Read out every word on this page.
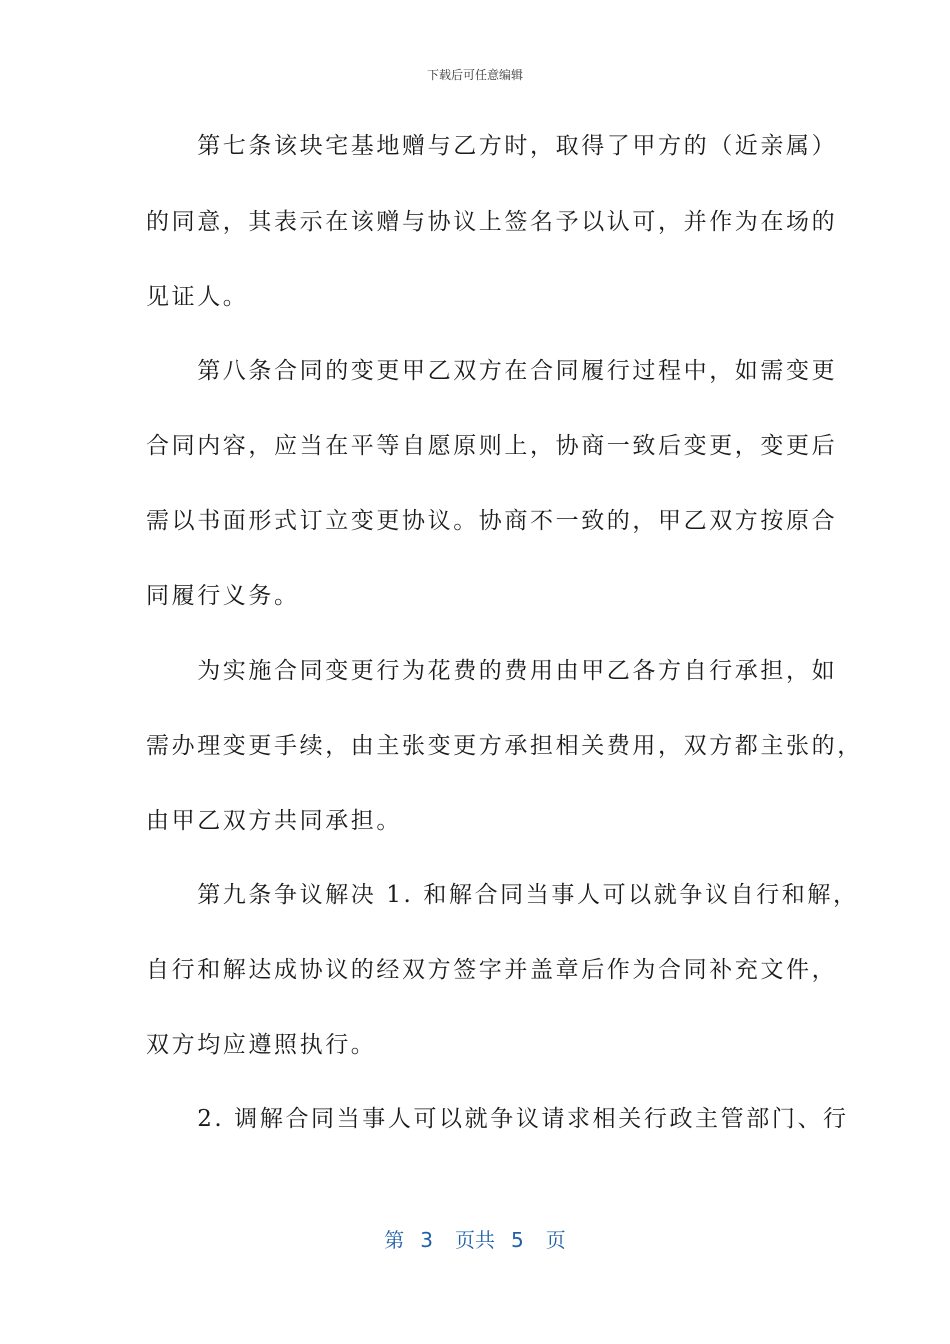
下载后可任意编辑
　　第七条该块宅基地赠与乙方时，取得了甲方的（近亲属）
的同意，其表示在该赠与协议上签名予以认可，并作为在场的
见证人。
　　第八条合同的变更甲乙双方在合同履行过程中，如需变更
合同内容，应当在平等自愿原则上，协商一致后变更，变更后
需以书面形式订立变更协议。协商不一致的，甲乙双方按原合
同履行义务。
　　为实施合同变更行为花费的费用由甲乙各方自行承担，如
需办理变更手续，由主张变更方承担相关费用，双方都主张的，
由甲乙双方共同承担。
　　第九条争议解决 1. 和解合同当事人可以就争议自行和解，
自行和解达成协议的经双方签字并盖章后作为合同补充文件，
双方均应遵照执行。
　　2. 调解合同当事人可以就争议请求相关行政主管部门、行
第 3 页共 5 页
